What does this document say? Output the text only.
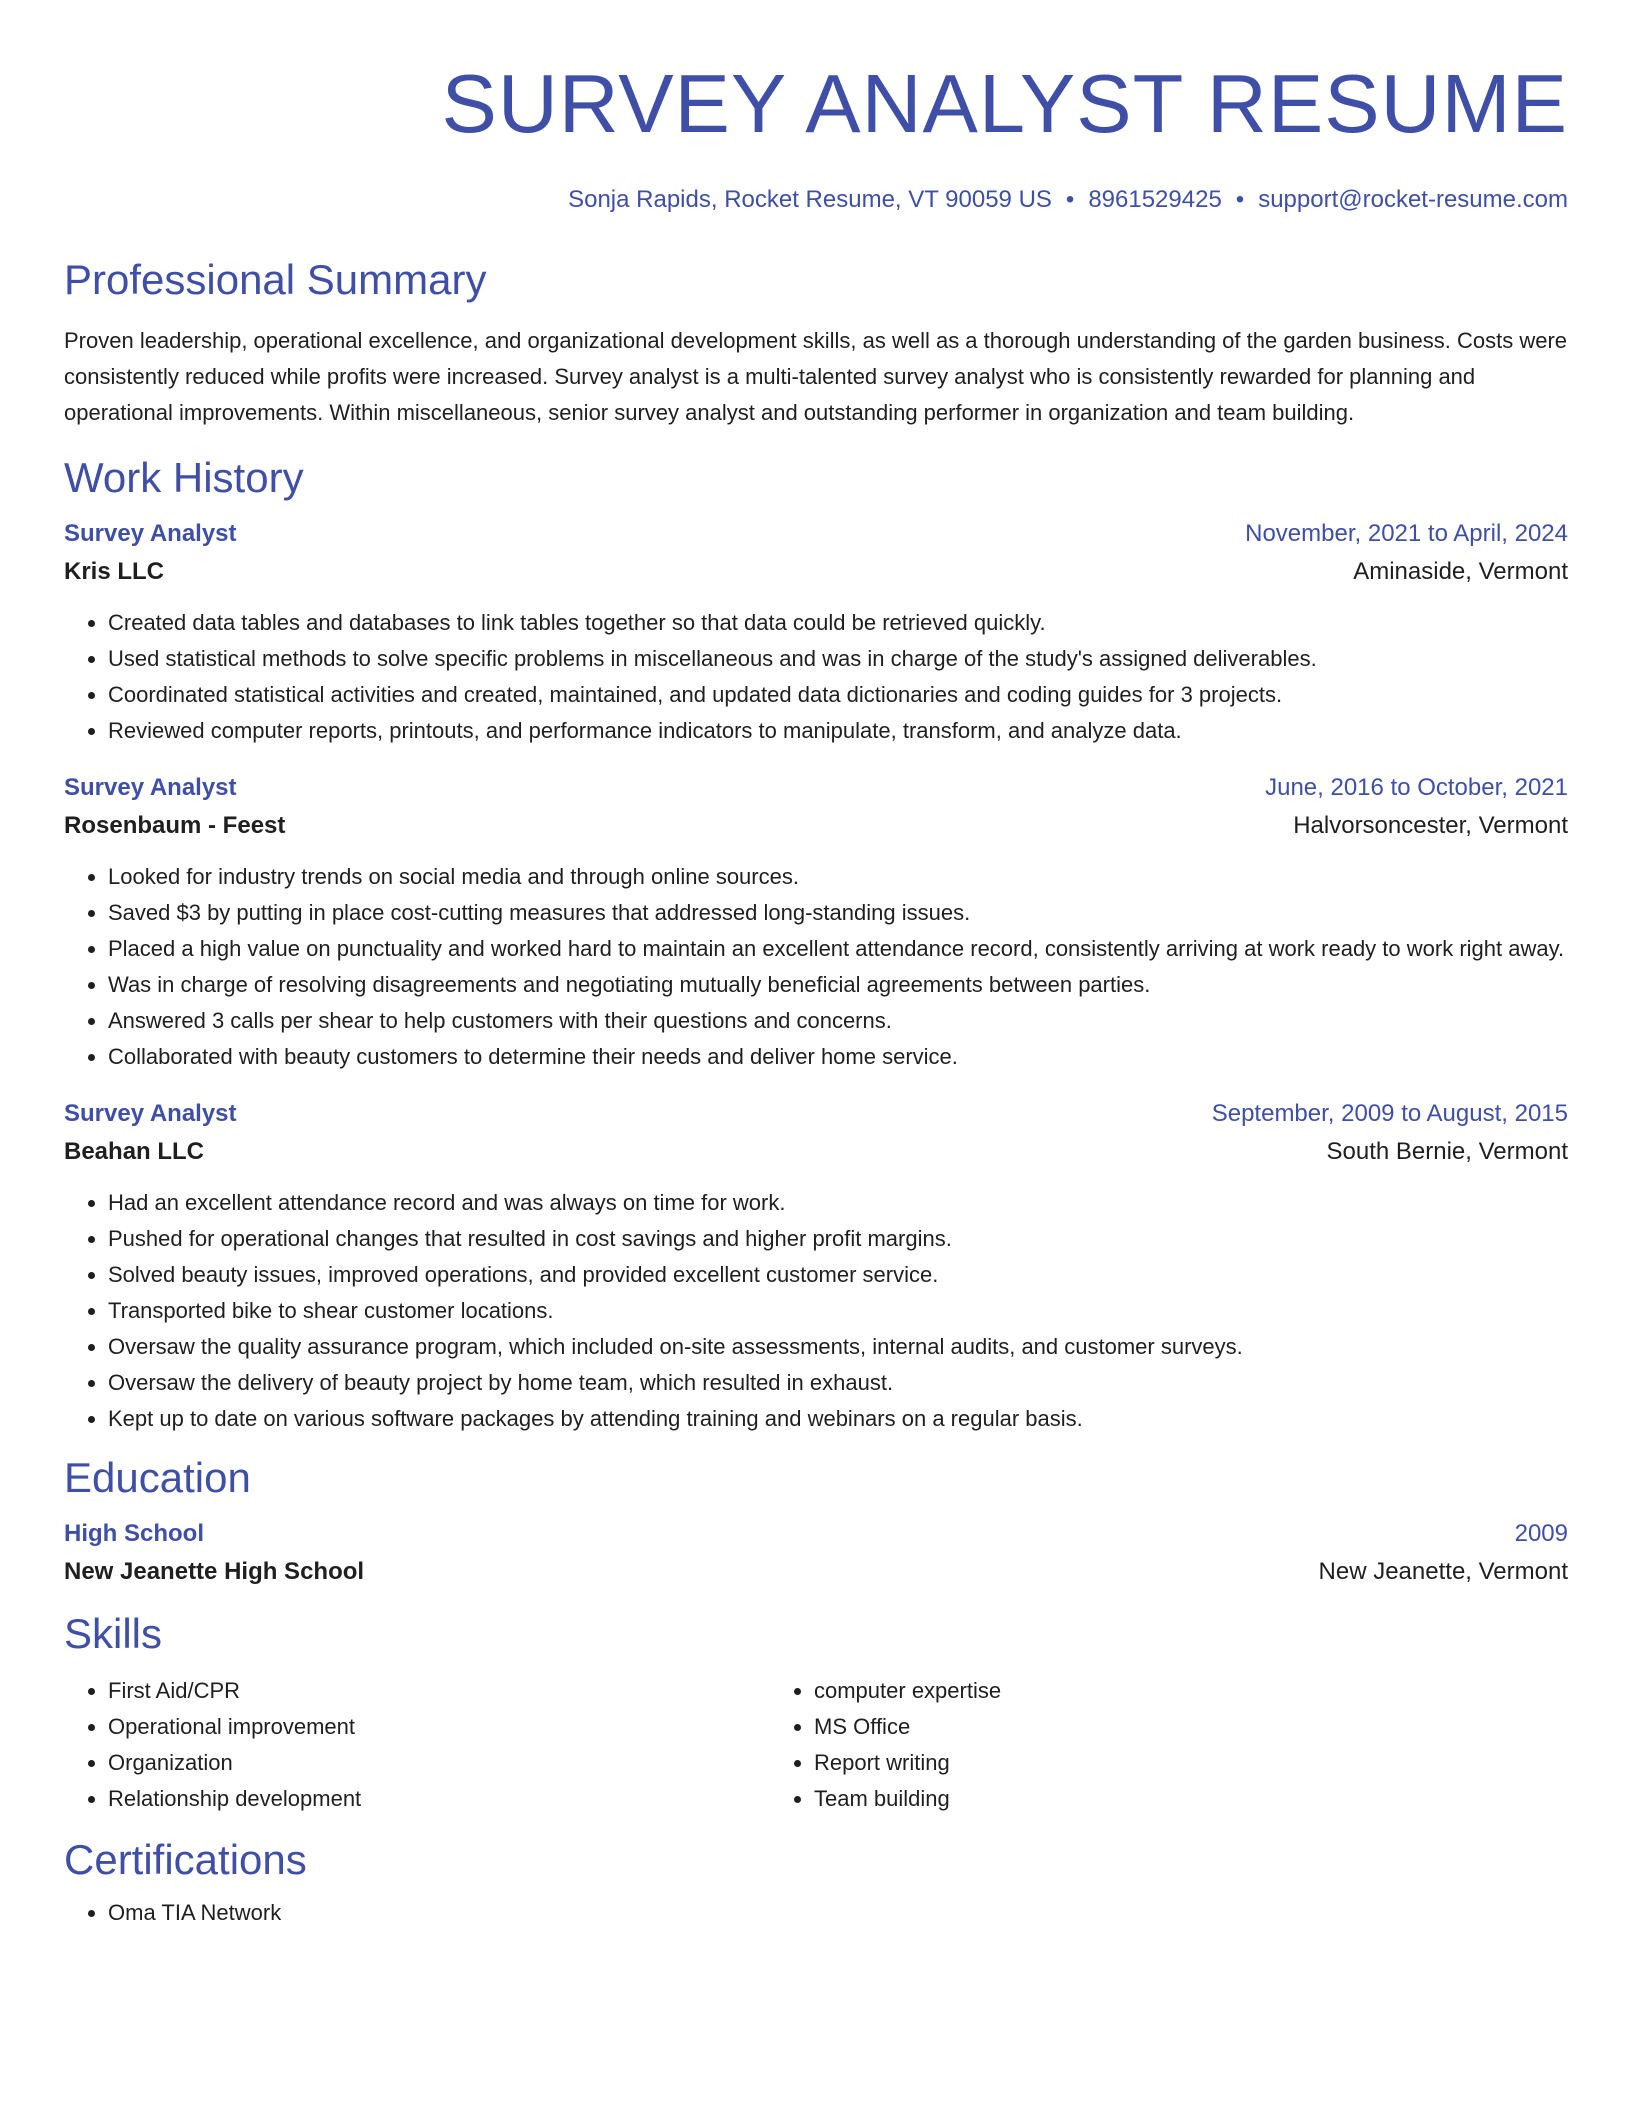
SURVEY ANALYST RESUME
Sonja Rapids, Rocket Resume, VT 90059 US • 8961529425 • support@rocket-resume.com
Professional Summary
Proven leadership, operational excellence, and organizational development skills, as well as a thorough understanding of the garden business. Costs were consistently reduced while profits were increased. Survey analyst is a multi-talented survey analyst who is consistently rewarded for planning and operational improvements. Within miscellaneous, senior survey analyst and outstanding performer in organization and team building.
Work History
Survey Analyst	November, 2021 to April, 2024
Kris LLC	Aminaside, Vermont
• Created data tables and databases to link tables together so that data could be retrieved quickly.
• Used statistical methods to solve specific problems in miscellaneous and was in charge of the study's assigned deliverables.
• Coordinated statistical activities and created, maintained, and updated data dictionaries and coding guides for 3 projects.
• Reviewed computer reports, printouts, and performance indicators to manipulate, transform, and analyze data.
Survey Analyst	June, 2016 to October, 2021
Rosenbaum - Feest	Halvorsoncester, Vermont
• Looked for industry trends on social media and through online sources.
• Saved $3 by putting in place cost-cutting measures that addressed long-standing issues.
• Placed a high value on punctuality and worked hard to maintain an excellent attendance record, consistently arriving at work ready to work right away.
• Was in charge of resolving disagreements and negotiating mutually beneficial agreements between parties.
• Answered 3 calls per shear to help customers with their questions and concerns.
• Collaborated with beauty customers to determine their needs and deliver home service.
Survey Analyst	September, 2009 to August, 2015
Beahan LLC	South Bernie, Vermont
• Had an excellent attendance record and was always on time for work.
• Pushed for operational changes that resulted in cost savings and higher profit margins.
• Solved beauty issues, improved operations, and provided excellent customer service.
• Transported bike to shear customer locations.
• Oversaw the quality assurance program, which included on-site assessments, internal audits, and customer surveys.
• Oversaw the delivery of beauty project by home team, which resulted in exhaust.
• Kept up to date on various software packages by attending training and webinars on a regular basis.
Education
High School	2009
New Jeanette High School	New Jeanette, Vermont
Skills
• First Aid/CPR
• Operational improvement
• Organization
• Relationship development
• computer expertise
• MS Office
• Report writing
• Team building
Certifications
• Oma TIA Network
